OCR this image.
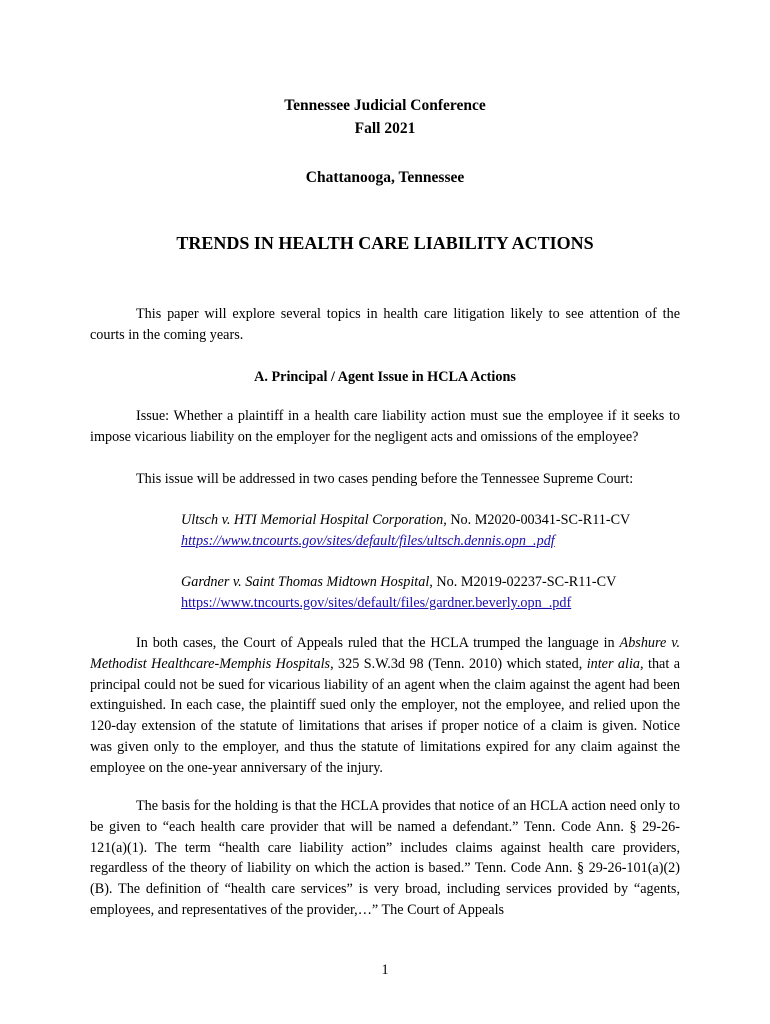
Tennessee Judicial Conference
Fall 2021
Chattanooga, Tennessee
TRENDS IN HEALTH CARE LIABILITY ACTIONS

This paper will explore several topics in health care litigation likely to see attention of the courts in the coming years.

A. Principal / Agent Issue in HCLA Actions

Issue: Whether a plaintiff in a health care liability action must sue the employee if it seeks to impose vicarious liability on the employer for the negligent acts and omissions of the employee?

This issue will be addressed in two cases pending before the Tennessee Supreme Court:

Ultsch v. HTI Memorial Hospital Corporation, No. M2020-00341-SC-R11-CV
https://www.tncourts.gov/sites/default/files/ultsch.dennis.opn_.pdf
Gardner v. Saint Thomas Midtown Hospital, No. M2019-02237-SC-R11-CV
https://www.tncourts.gov/sites/default/files/gardner.beverly.opn_.pdf

In both cases, the Court of Appeals ruled that the HCLA trumped the language in Abshure v. Methodist Healthcare-Memphis Hospitals, 325 S.W.3d 98 (Tenn. 2010) which stated, inter alia, that a principal could not be sued for vicarious liability of an agent when the claim against the agent had been extinguished. In each case, the plaintiff sued only the employer, not the employee, and relied upon the 120-day extension of the statute of limitations that arises if proper notice of a claim is given. Notice was given only to the employer, and thus the statute of limitations expired for any claim against the employee on the one-year anniversary of the injury.

The basis for the holding is that the HCLA provides that notice of an HCLA action need only to be given to “each health care provider that will be named a defendant.” Tenn. Code Ann. § 29-26-121(a)(1). The term “health care liability action” includes claims against health care providers, regardless of the theory of liability on which the action is based.” Tenn. Code Ann. § 29-26-101(a)(2)(B). The definition of “health care services” is very broad, including services provided by “agents, employees, and representatives of the provider,…” The Court of Appeals

1
